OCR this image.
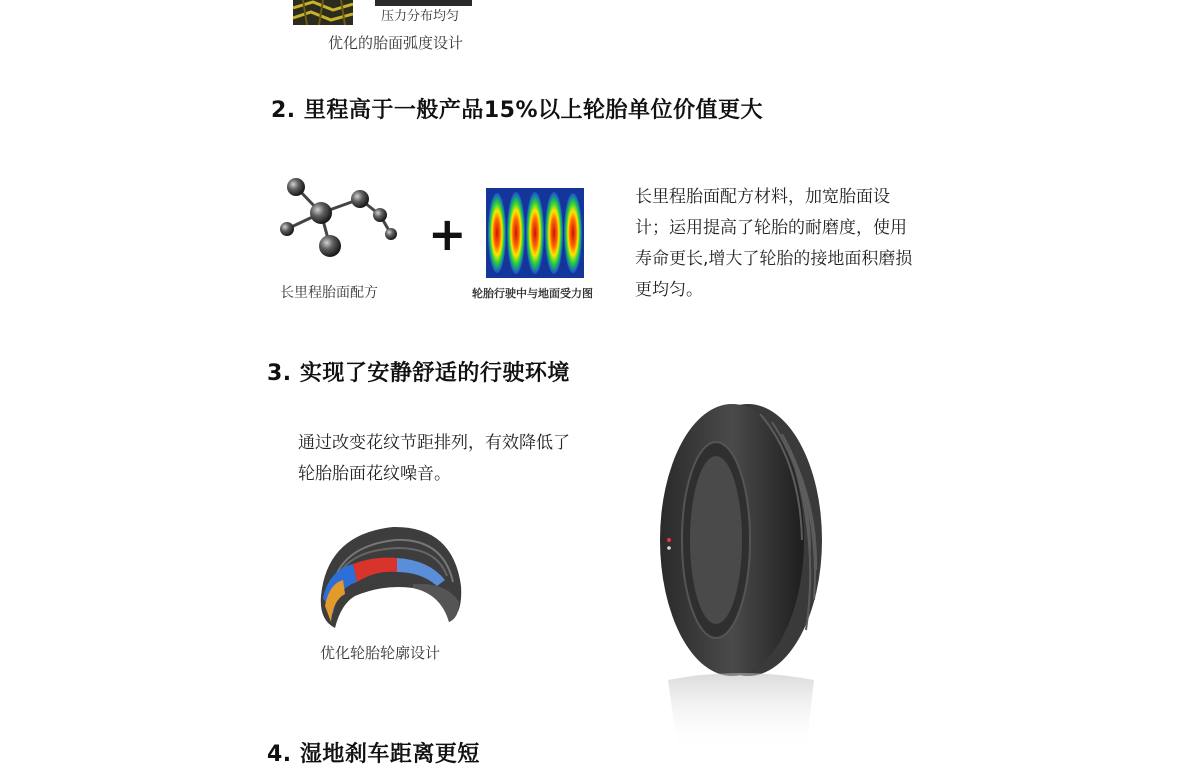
压力分布均匀
优化的胎面弧度设计
2. 里程高于一般产品15%以上轮胎单位价值更大
长里程胎面配方
+
轮胎行驶中与地面受力图
长里程胎面配方材料，加宽胎面设计；运用提高了轮胎的耐磨度，使用寿命更长,增大了轮胎的接地面积磨损更均匀。
3. 实现了安静舒适的行驶环境
通过改变花纹节距排列，有效降低了轮胎胎面花纹噪音。
优化轮胎轮廓设计
4. 湿地刹车距离更短
